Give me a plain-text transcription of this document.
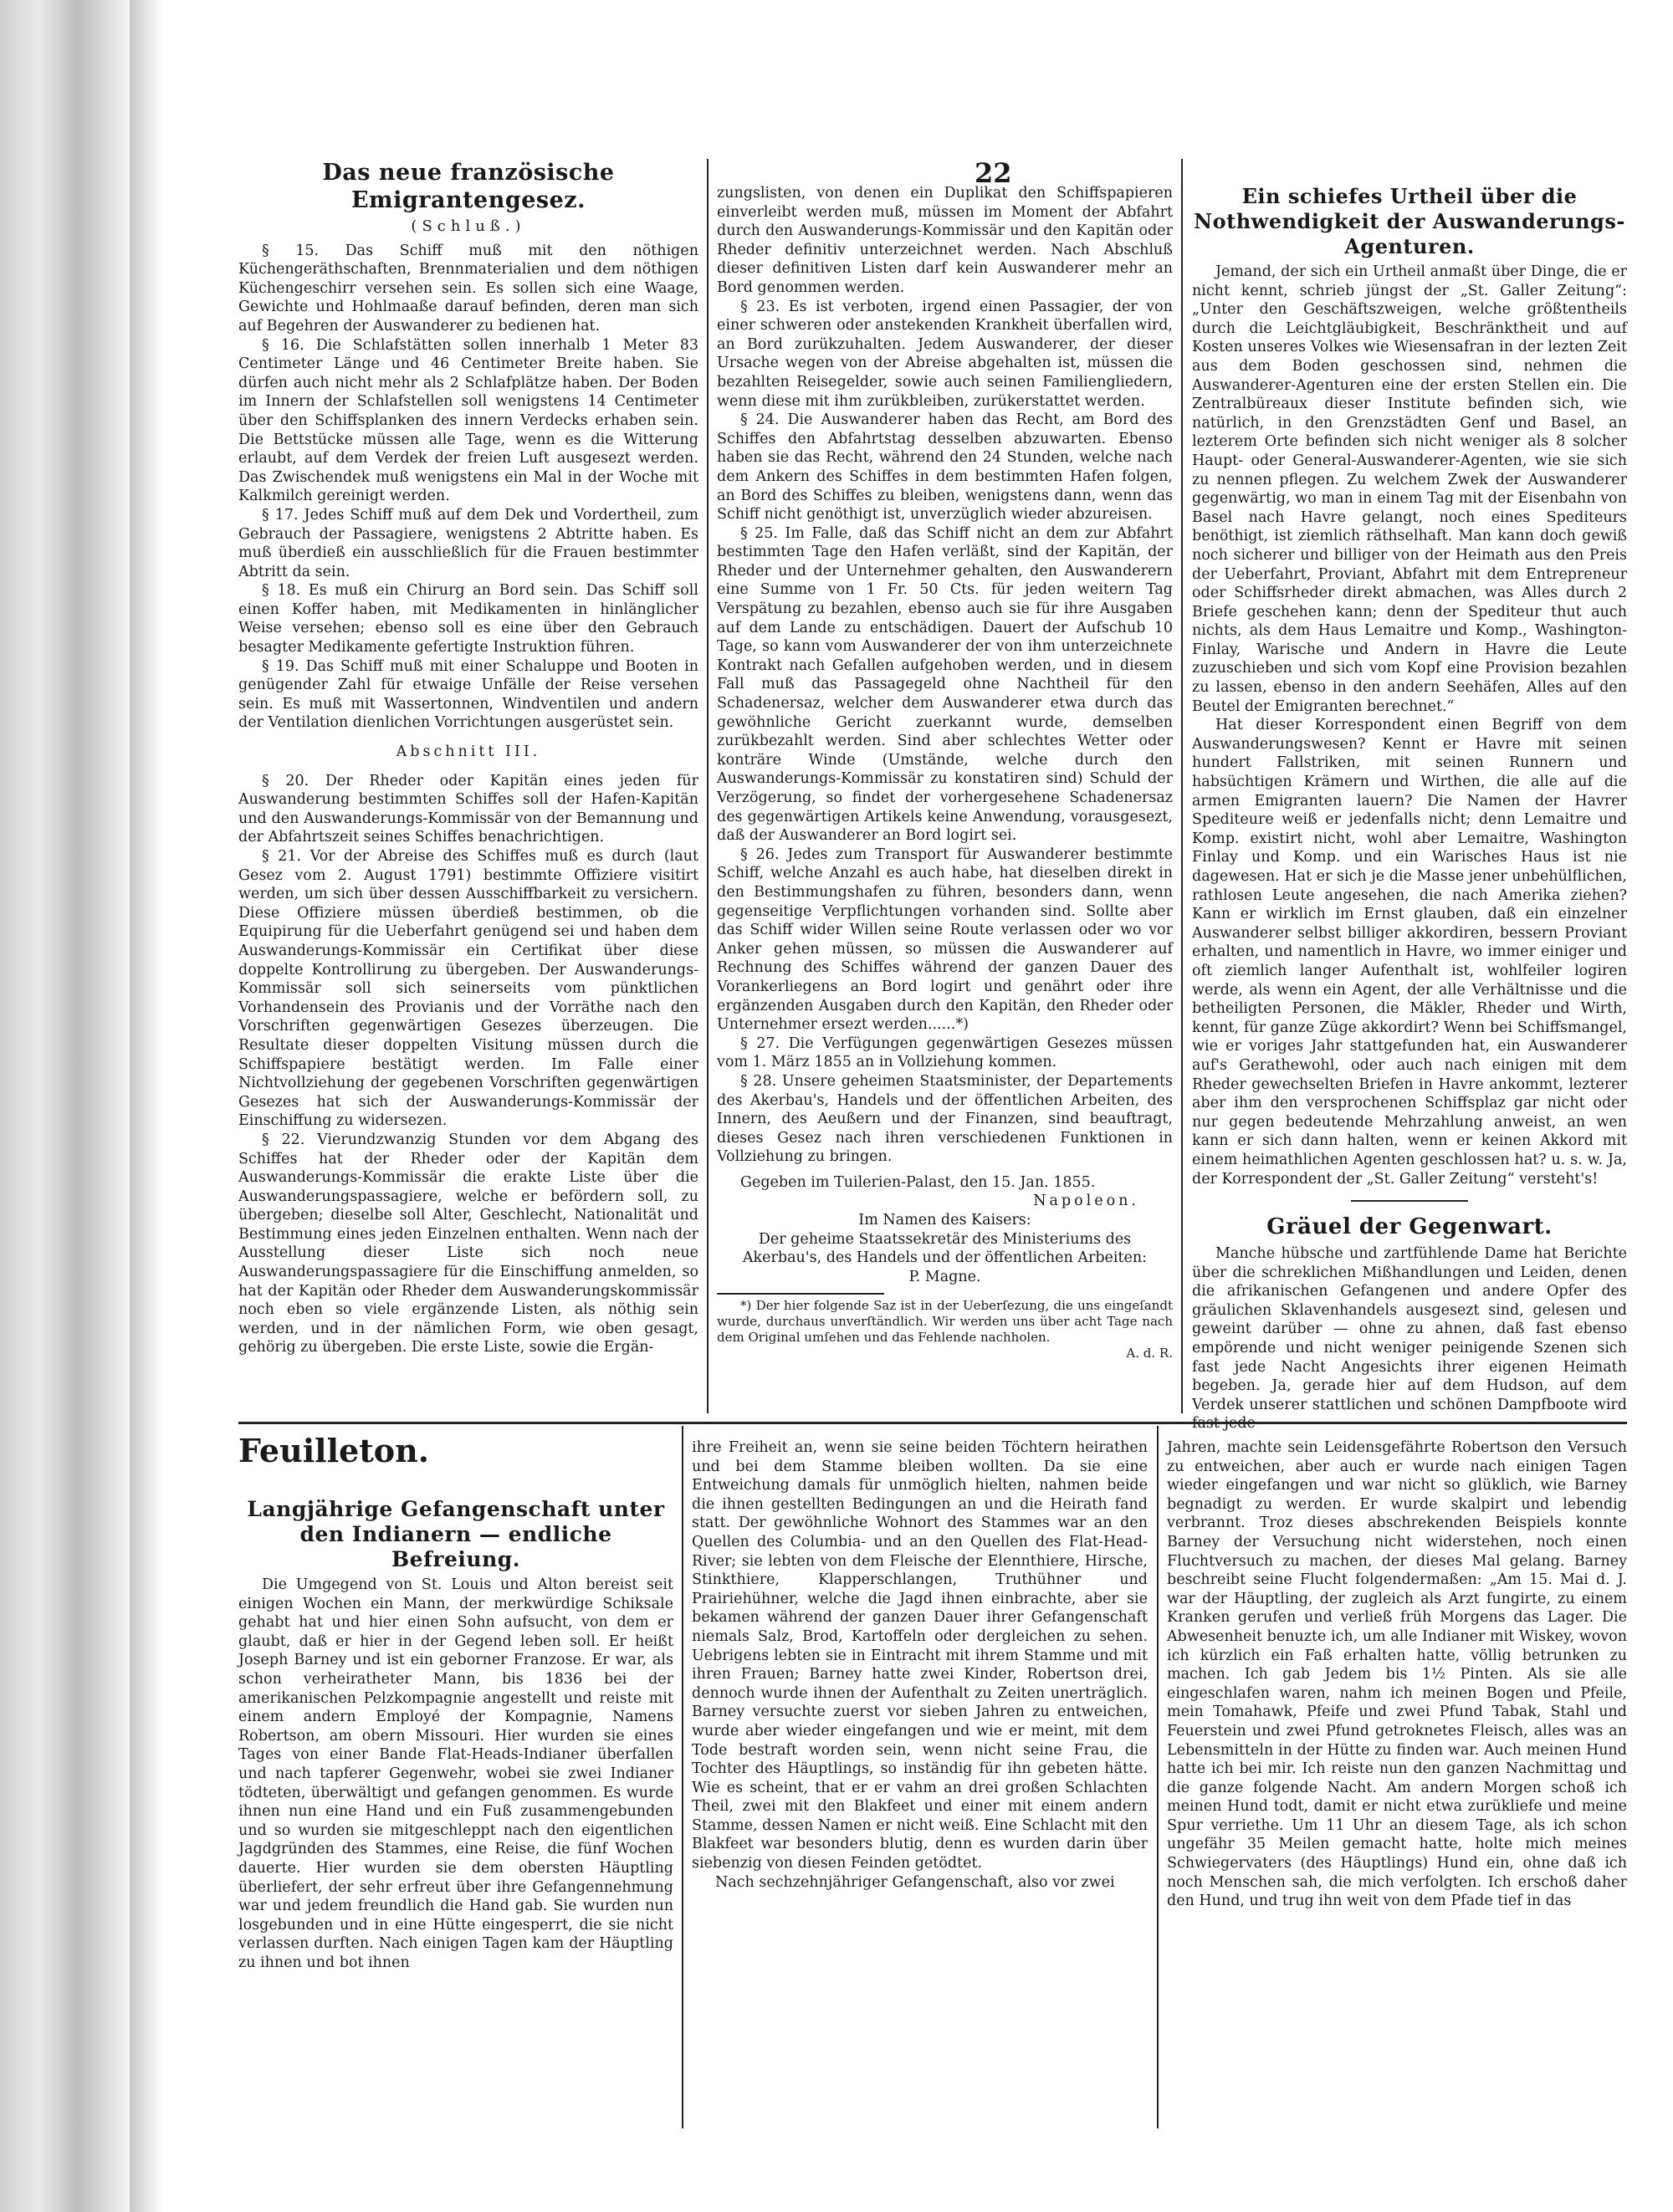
22
Das neue französische Emigrantengesez.
(Schluß.)

§ 15. Das Schiff muß mit den nöthigen Küchengeräthschaften, Brennmaterialien und dem nöthigen Küchengeschirr versehen sein. Es sollen sich eine Waage, Gewichte und Hohlmaaße darauf befinden, deren man sich auf Begehren der Auswanderer zu bedienen hat.

§ 16. Die Schlafstätten sollen innerhalb 1 Meter 83 Centimeter Länge und 46 Centimeter Breite haben. Sie dürfen auch nicht mehr als 2 Schlafplätze haben. Der Boden im Innern der Schlafstellen soll wenigstens 14 Centimeter über den Schiffsplanken des innern Verdecks erhaben sein. Die Bettstücke müssen alle Tage, wenn es die Witterung erlaubt, auf dem Verdek der freien Luft ausgesezt werden. Das Zwischendek muß wenigstens ein Mal in der Woche mit Kalkmilch gereinigt werden.

§ 17. Jedes Schiff muß auf dem Dek und Vordertheil, zum Gebrauch der Passagiere, wenigstens 2 Abtritte haben. Es muß überdieß ein ausschließlich für die Frauen bestimmter Abtritt da sein.

§ 18. Es muß ein Chirurg an Bord sein. Das Schiff soll einen Koffer haben, mit Medikamenten in hinlänglicher Weise versehen; ebenso soll es eine über den Gebrauch besagter Medikamente gefertigte Instruktion führen.

§ 19. Das Schiff muß mit einer Schaluppe und Booten in genügender Zahl für etwaige Unfälle der Reise versehen sein. Es muß mit Wassertonnen, Windventilen und andern der Ventilation dienlichen Vorrichtungen ausgerüstet sein.

Abschnitt III.

§ 20. Der Rheder oder Kapitän eines jeden für Auswanderung bestimmten Schiffes soll der Hafen-Kapitän und den Auswanderungs-Kommissär von der Bemannung und der Abfahrtszeit seines Schiffes benachrichtigen.

§ 21. Vor der Abreise des Schiffes muß es durch (laut Gesez vom 2. August 1791) bestimmte Offiziere visitirt werden, um sich über dessen Ausschiffbarkeit zu versichern. Diese Offiziere müssen überdieß bestimmen, ob die Equipirung für die Ueberfahrt genügend sei und haben dem Auswanderungs-Kommissär ein Certifikat über diese doppelte Kontrollirung zu übergeben. Der Auswanderungs-Kommissär soll sich seinerseits vom pünktlichen Vorhandensein des Provianis und der Vorräthe nach den Vorschriften gegenwärtigen Gesezes überzeugen. Die Resultate dieser doppelten Visitung müssen durch die Schiffspapiere bestätigt werden. Im Falle einer Nichtvollziehung der gegebenen Vorschriften gegenwärtigen Gesezes hat sich der Auswanderungs-Kommissär der Einschiffung zu widersezen.

§ 22. Vierundzwanzig Stunden vor dem Abgang des Schiffes hat der Rheder oder der Kapitän dem Auswanderungs-Kommissär die erakte Liste über die Auswanderungspassagiere, welche er befördern soll, zu übergeben; dieselbe soll Alter, Geschlecht, Nationalität und Bestimmung eines jeden Einzelnen enthalten. Wenn nach der Ausstellung dieser Liste sich noch neue Auswanderungspassagiere für die Einschiffung anmelden, so hat der Kapitän oder Rheder dem Auswanderungskommissär noch eben so viele ergänzende Listen, als nöthig sein werden, und in der nämlichen Form, wie oben gesagt, gehörig zu übergeben. Die erste Liste, sowie die Ergän-

zungslisten, von denen ein Duplikat den Schiffspapieren einverleibt werden muß, müssen im Moment der Abfahrt durch den Auswanderungs-Kommissär und den Kapitän oder Rheder definitiv unterzeichnet werden. Nach Abschluß dieser definitiven Listen darf kein Auswanderer mehr an Bord genommen werden.

§ 23. Es ist verboten, irgend einen Passagier, der von einer schweren oder anstekenden Krankheit überfallen wird, an Bord zurükzuhalten. Jedem Auswanderer, der dieser Ursache wegen von der Abreise abgehalten ist, müssen die bezahlten Reisegelder, sowie auch seinen Familiengliedern, wenn diese mit ihm zurükbleiben, zurükerstattet werden.

§ 24. Die Auswanderer haben das Recht, am Bord des Schiffes den Abfahrtstag desselben abzuwarten. Ebenso haben sie das Recht, während den 24 Stunden, welche nach dem Ankern des Schiffes in dem bestimmten Hafen folgen, an Bord des Schiffes zu bleiben, wenigstens dann, wenn das Schiff nicht genöthigt ist, unverzüglich wieder abzureisen.

§ 25. Im Falle, daß das Schiff nicht an dem zur Abfahrt bestimmten Tage den Hafen verläßt, sind der Kapitän, der Rheder und der Unternehmer gehalten, den Auswanderern eine Summe von 1 Fr. 50 Cts. für jeden weitern Tag Verspätung zu bezahlen, ebenso auch sie für ihre Ausgaben auf dem Lande zu entschädigen. Dauert der Aufschub 10 Tage, so kann vom Auswanderer der von ihm unterzeichnete Kontrakt nach Gefallen aufgehoben werden, und in diesem Fall muß das Passagegeld ohne Nachtheil für den Schadenersaz, welcher dem Auswanderer etwa durch das gewöhnliche Gericht zuerkannt wurde, demselben zurükbezahlt werden. Sind aber schlechtes Wetter oder konträre Winde (Umstände, welche durch den Auswanderungs-Kommissär zu konstatiren sind) Schuld der Verzögerung, so findet der vorhergesehene Schadenersaz des gegenwärtigen Artikels keine Anwendung, vorausgesezt, daß der Auswanderer an Bord logirt sei.

§ 26. Jedes zum Transport für Auswanderer bestimmte Schiff, welche Anzahl es auch habe, hat dieselben direkt in den Bestimmungshafen zu führen, besonders dann, wenn gegenseitige Verpflichtungen vorhanden sind. Sollte aber das Schiff wider Willen seine Route verlassen oder wo vor Anker gehen müssen, so müssen die Auswanderer auf Rechnung des Schiffes während der ganzen Dauer des Vorankerliegens an Bord logirt und genährt oder ihre ergänzenden Ausgaben durch den Kapitän, den Rheder oder Unternehmer ersezt werden......*)

§ 27. Die Verfügungen gegenwärtigen Gesezes müssen vom 1. März 1855 an in Vollziehung kommen.

§ 28. Unsere geheimen Staatsminister, der Departements des Akerbau's, Handels und der öffentlichen Arbeiten, des Innern, des Aeußern und der Finanzen, sind beauftragt, dieses Gesez nach ihren verschiedenen Funktionen in Vollziehung zu bringen.

Gegeben im Tuilerien-Palast, den 15. Jan. 1855.

Napoleon.

Im Namen des Kaisers:

Der geheime Staatssekretär des Ministeriums des Akerbau's, des Handels und der öffentlichen Arbeiten:

P. Magne.

*) Der hier folgende Saz ist in der Ueberſezung, die uns eingeſandt wurde, durchaus unverſtändlich. Wir werden uns über acht Tage nach dem Original umſehen und das Fehlende nachholen.

A. d. R.

Ein schiefes Urtheil über die Nothwendigkeit der Auswanderungs-Agenturen.

Jemand, der sich ein Urtheil anmaßt über Dinge, die er nicht kennt, schrieb jüngst der „St. Galler Zeitung“: „Unter den Geschäftszweigen, welche größtentheils durch die Leichtgläubigkeit, Beschränktheit und auf Kosten unseres Volkes wie Wiesensafran in der lezten Zeit aus dem Boden geschossen sind, nehmen die Auswanderer-Agenturen eine der ersten Stellen ein. Die Zentralbüreaux dieser Institute befinden sich, wie natürlich, in den Grenzstädten Genf und Basel, an lezterem Orte befinden sich nicht weniger als 8 solcher Haupt- oder General-Auswanderer-Agenten, wie sie sich zu nennen pflegen. Zu welchem Zwek der Auswanderer gegenwärtig, wo man in einem Tag mit der Eisenbahn von Basel nach Havre gelangt, noch eines Spediteurs benöthigt, ist ziemlich räthselhaft. Man kann doch gewiß noch sicherer und billiger von der Heimath aus den Preis der Ueberfahrt, Proviant, Abfahrt mit dem Entrepreneur oder Schiffsrheder direkt abmachen, was Alles durch 2 Briefe geschehen kann; denn der Spediteur thut auch nichts, als dem Haus Lemaitre und Komp., Washington-Finlay, Warische und Andern in Havre die Leute zuzuschieben und sich vom Kopf eine Provision bezahlen zu lassen, ebenso in den andern Seehäfen, Alles auf den Beutel der Emigranten berechnet.“

Hat dieser Korrespondent einen Begriff von dem Auswanderungswesen? Kennt er Havre mit seinen hundert Fallstriken, mit seinen Runnern und habsüchtigen Krämern und Wirthen, die alle auf die armen Emigranten lauern? Die Namen der Havrer Spediteure weiß er jedenfalls nicht; denn Lemaitre und Komp. existirt nicht, wohl aber Lemaitre, Washington Finlay und Komp. und ein Warisches Haus ist nie dagewesen. Hat er sich je die Masse jener unbehülflichen, rathlosen Leute angesehen, die nach Amerika ziehen? Kann er wirklich im Ernst glauben, daß ein einzelner Auswanderer selbst billiger akkordiren, bessern Proviant erhalten, und namentlich in Havre, wo immer einiger und oft ziemlich langer Aufenthalt ist, wohlfeiler logiren werde, als wenn ein Agent, der alle Verhältnisse und die betheiligten Personen, die Mäkler, Rheder und Wirth, kennt, für ganze Züge akkordirt? Wenn bei Schiffsmangel, wie er voriges Jahr stattgefunden hat, ein Auswanderer auf's Gerathewohl, oder auch nach einigen mit dem Rheder gewechselten Briefen in Havre ankommt, lezterer aber ihm den versprochenen Schiffsplaz gar nicht oder nur gegen bedeutende Mehrzahlung anweist, an wen kann er sich dann halten, wenn er keinen Akkord mit einem heimathlichen Agenten geschlossen hat? u. s. w. Ja, der Korrespondent der „St. Galler Zeitung“ versteht's!

Gräuel der Gegenwart.

Manche hübsche und zartfühlende Dame hat Berichte über die schreklichen Mißhandlungen und Leiden, denen die afrikanischen Gefangenen und andere Opfer des gräulichen Sklavenhandels ausgesezt sind, gelesen und geweint darüber — ohne zu ahnen, daß fast ebenso empörende und nicht weniger peinigende Szenen sich fast jede Nacht Angesichts ihrer eigenen Heimath begeben. Ja, gerade hier auf dem Hudson, auf dem Verdek unserer stattlichen und schönen Dampfboote wird

Feuilleton.
Langjährige Gefangenschaft unter den Indianern — endliche Befreiung.

Die Umgegend von St. Louis und Alton bereist seit einigen Wochen ein Mann, der merkwürdige Schiksale gehabt hat und hier einen Sohn aufsucht, von dem er glaubt, daß er hier in der Gegend leben soll. Er heißt Joseph Barney und ist ein geborner Franzose. Er war, als schon verheiratheter Mann, bis 1836 bei der amerikanischen Pelzkompagnie angestellt und reiste mit einem andern Employé der Kompagnie, Namens Robertson, am obern Missouri. Hier wurden sie eines Tages von einer Bande Flat-Heads-Indianer überfallen und nach tapferer Gegenwehr, wobei sie zwei Indianer tödteten, überwältigt und gefangen genommen. Es wurde ihnen nun eine Hand und ein Fuß zusammengebunden und so wurden sie mitgeschleppt nach den eigentlichen Jagdgründen des Stammes, eine Reise, die fünf Wochen dauerte. Hier wurden sie dem obersten Häuptling überliefert, der sehr erfreut über ihre Gefangennehmung war und jedem freundlich die Hand gab. Sie wurden nun losgebunden und in eine Hütte eingesperrt, die sie nicht verlassen durften. Nach einigen Tagen kam der Häuptling zu ihnen und bot ihnen

ihre Freiheit an, wenn sie seine beiden Töchtern heirathen und bei dem Stamme bleiben wollten. Da sie eine Entweichung damals für unmöglich hielten, nahmen beide die ihnen gestellten Bedingungen an und die Heirath fand statt. Der gewöhnliche Wohnort des Stammes war an den Quellen des Columbia- und an den Quellen des Flat-Head-River; sie lebten von dem Fleische der Elennthiere, Hirsche, Stinkthiere, Klapperschlangen, Truthühner und Prairiehühner, welche die Jagd ihnen einbrachte, aber sie bekamen während der ganzen Dauer ihrer Gefangenschaft niemals Salz, Brod, Kartoffeln oder dergleichen zu sehen. Uebrigens lebten sie in Eintracht mit ihrem Stamme und mit ihren Frauen; Barney hatte zwei Kinder, Robertson drei, dennoch wurde ihnen der Aufenthalt zu Zeiten unerträglich. Barney versuchte zuerst vor sieben Jahren zu entweichen, wurde aber wieder eingefangen und wie er meint, mit dem Tode bestraft worden sein, wenn nicht seine Frau, die Tochter des Häuptlings, so inständig für ihn gebeten hätte. Wie es scheint, that er er vahm an drei großen Schlachten Theil, zwei mit den Blakfeet und einer mit einem andern Stamme, dessen Namen er nicht weiß. Eine Schlacht mit den Blakfeet war besonders blutig, denn es wurden darin über siebenzig von diesen Feinden getödtet.

Nach sechzehnjähriger Gefangenschaft, also vor zwei

Jahren, machte sein Leidensgefährte Robertson den Versuch zu entweichen, aber auch er wurde nach einigen Tagen wieder eingefangen und war nicht so glüklich, wie Barney begnadigt zu werden. Er wurde skalpirt und lebendig verbrannt. Troz dieses abschrekenden Beispiels konnte Barney der Versuchung nicht widerstehen, noch einen Fluchtversuch zu machen, der dieses Mal gelang. Barney beschreibt seine Flucht folgendermaßen: „Am 15. Mai d. J. war der Häuptling, der zugleich als Arzt fungirte, zu einem Kranken gerufen und verließ früh Morgens das Lager. Die Abwesenheit benuzte ich, um alle Indianer mit Wiskey, wovon ich kürzlich ein Faß erhalten hatte, völlig betrunken zu machen. Ich gab Jedem bis 1½ Pinten. Als sie alle eingeschlafen waren, nahm ich meinen Bogen und Pfeile, mein Tomahawk, Pfeife und zwei Pfund Tabak, Stahl und Feuerstein und zwei Pfund getroknetes Fleisch, alles was an Lebensmitteln in der Hütte zu finden war. Auch meinen Hund hatte ich bei mir. Ich reiste nun den ganzen Nachmittag und die ganze folgende Nacht. Am andern Morgen schoß ich meinen Hund todt, damit er nicht etwa zurükliefe und meine Spur verriethe. Um 11 Uhr an diesem Tage, als ich schon ungefähr 35 Meilen gemacht hatte, holte mich meines Schwiegervaters (des Häuptlings) Hund ein, ohne daß ich noch Menschen sah, die mich verfolgten. Ich erschoß daher den Hund, und trug ihn weit von dem Pfade tief in das
